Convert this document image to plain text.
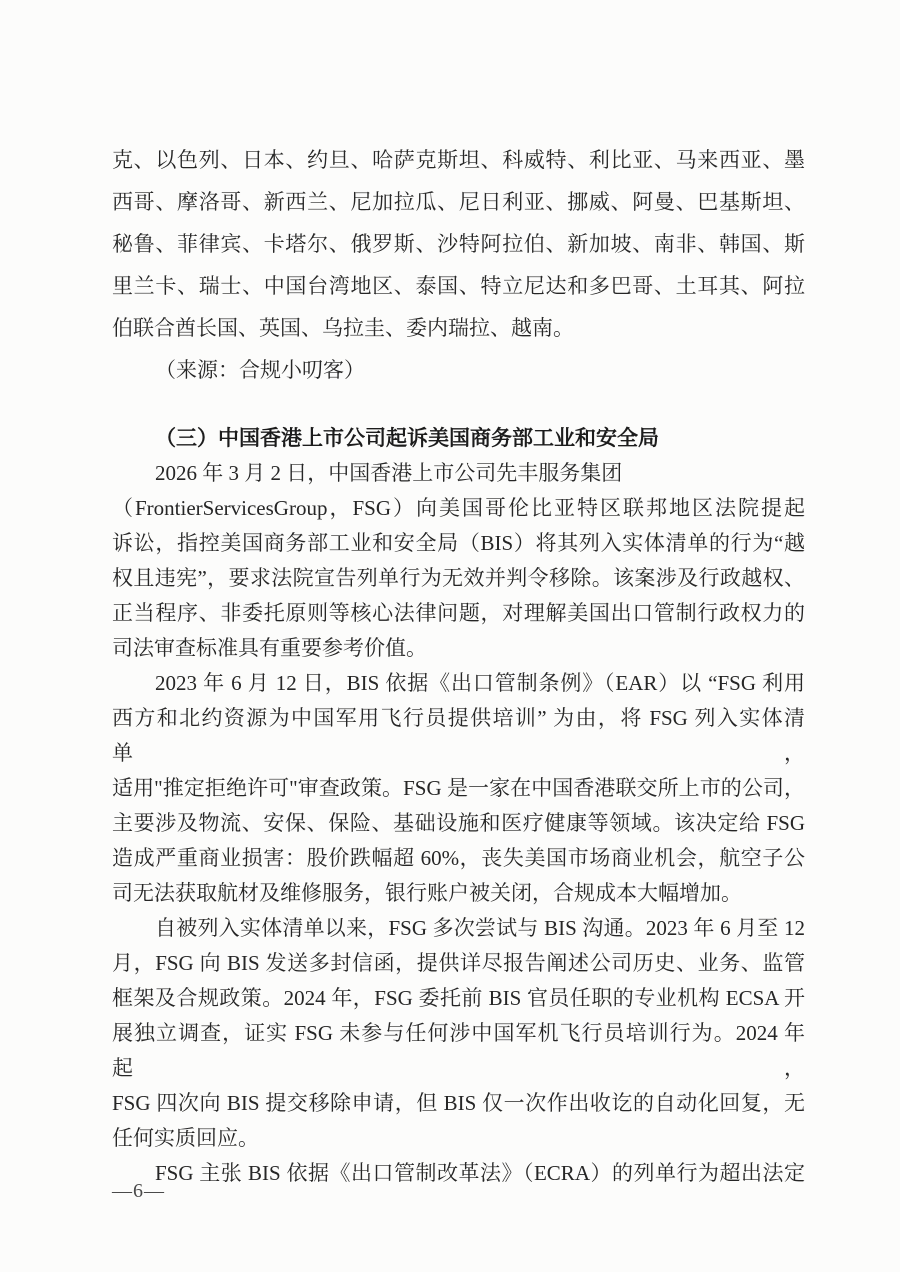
克、以色列、日本、约旦、哈萨克斯坦、科威特、利比亚、马来西亚、墨
西哥、摩洛哥、新西兰、尼加拉瓜、尼日利亚、挪威、阿曼、巴基斯坦、
秘鲁、菲律宾、卡塔尔、俄罗斯、沙特阿拉伯、新加坡、南非、韩国、斯
里兰卡、瑞士、中国台湾地区、泰国、特立尼达和多巴哥、土耳其、阿拉
伯联合酋长国、英国、乌拉圭、委内瑞拉、越南。
（来源：合规小叨客）
（三）中国香港上市公司起诉美国商务部工业和安全局
2026 年 3 月 2 日，中国香港上市公司先丰服务集团
（FrontierServicesGroup，FSG）向美国哥伦比亚特区联邦地区法院提起
诉讼，指控美国商务部工业和安全局（BIS）将其列入实体清单的行为“越
权且违宪”，要求法院宣告列单行为无效并判令移除。该案涉及行政越权、
正当程序、非委托原则等核心法律问题，对理解美国出口管制行政权力的
司法审查标准具有重要参考价值。
2023 年 6 月 12 日，BIS 依据《出口管制条例》（EAR）以 “FSG 利用
西方和北约资源为中国军用飞行员提供培训” 为由，将 FSG 列入实体清单，
适用"推定拒绝许可"审查政策。FSG 是一家在中国香港联交所上市的公司，
主要涉及物流、安保、保险、基础设施和医疗健康等领域。该决定给 FSG
造成严重商业损害：股价跌幅超 60%，丧失美国市场商业机会，航空子公
司无法获取航材及维修服务，银行账户被关闭，合规成本大幅增加。
自被列入实体清单以来，FSG 多次尝试与 BIS 沟通。2023 年 6 月至 12
月，FSG 向 BIS 发送多封信函，提供详尽报告阐述公司历史、业务、监管
框架及合规政策。2024 年，FSG 委托前 BIS 官员任职的专业机构 ECSA 开
展独立调查，证实 FSG 未参与任何涉中国军机飞行员培训行为。2024 年起，
FSG 四次向 BIS 提交移除申请，但 BIS 仅一次作出收讫的自动化回复，无
任何实质回应。
FSG 主张 BIS 依据《出口管制改革法》（ECRA）的列单行为超出法定
—6—
